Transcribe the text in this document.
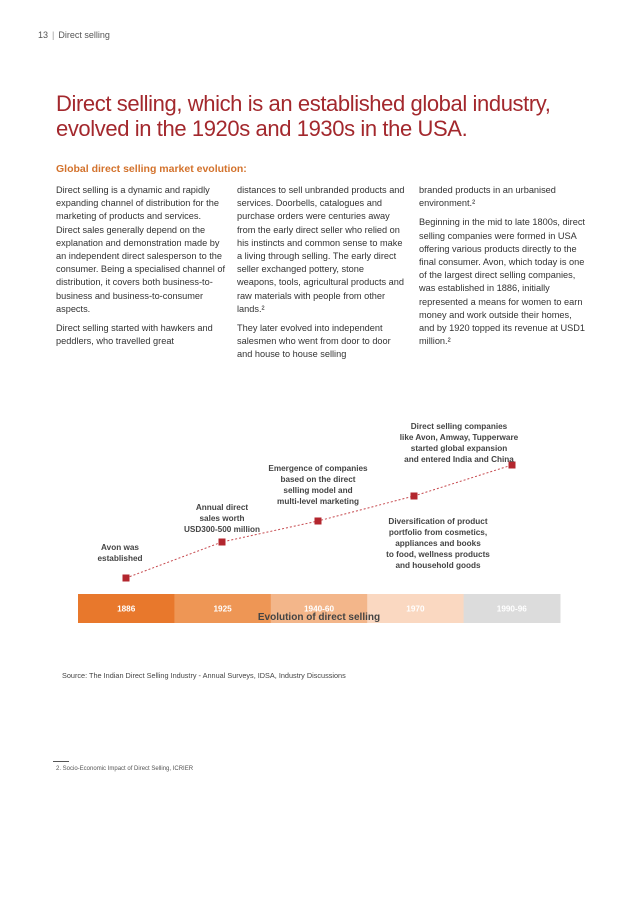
13 | Direct selling
Direct selling, which is an established global industry,
evolved in the 1920s and 1930s in the USA.
Global direct selling market evolution:

Direct selling is a dynamic and rapidly expanding channel of distribution for the marketing of products and services. Direct sales generally depend on the explanation and demonstration made by an independent direct salesperson to the consumer. Being a specialised channel of distribution, it covers both business-to-business and business-to-consumer aspects.

Direct selling started with hawkers and peddlers, who travelled great

distances to sell unbranded products and services. Doorbells, catalogues and purchase orders were centuries away from the early direct seller who relied on his instincts and common sense to make a living through selling. The early direct seller exchanged pottery, stone weapons, tools, agricultural products and raw materials with people from other lands.²

They later evolved into independent salesmen who went from door to door and house to house selling

branded products in an urbanised environment.²

Beginning in the mid to late 1800s, direct selling companies were formed in USA offering various products directly to the final consumer. Avon, which today is one of the largest direct selling companies, was established in 1886, initially represented a means for women to earn money and work outside their homes, and by 1920 topped its revenue at USD1 million.²

1886	1925	1940-60	1970	1990-96
Avon was established
Annual direct sales worth USD300-500 million
Emergence of companies based on the direct selling model and multi-level marketing
Diversification of product portfolio from cosmetics, appliances and books to food, wellness products and household goods
Direct selling companies like Avon, Amway, Tupperware started global expansion and entered India and China
Evolution of direct selling
Source: The Indian Direct Selling Industry - Annual Surveys, IDSA, Industry Discussions
2. Socio-Economic Impact of Direct Selling, ICRIER
